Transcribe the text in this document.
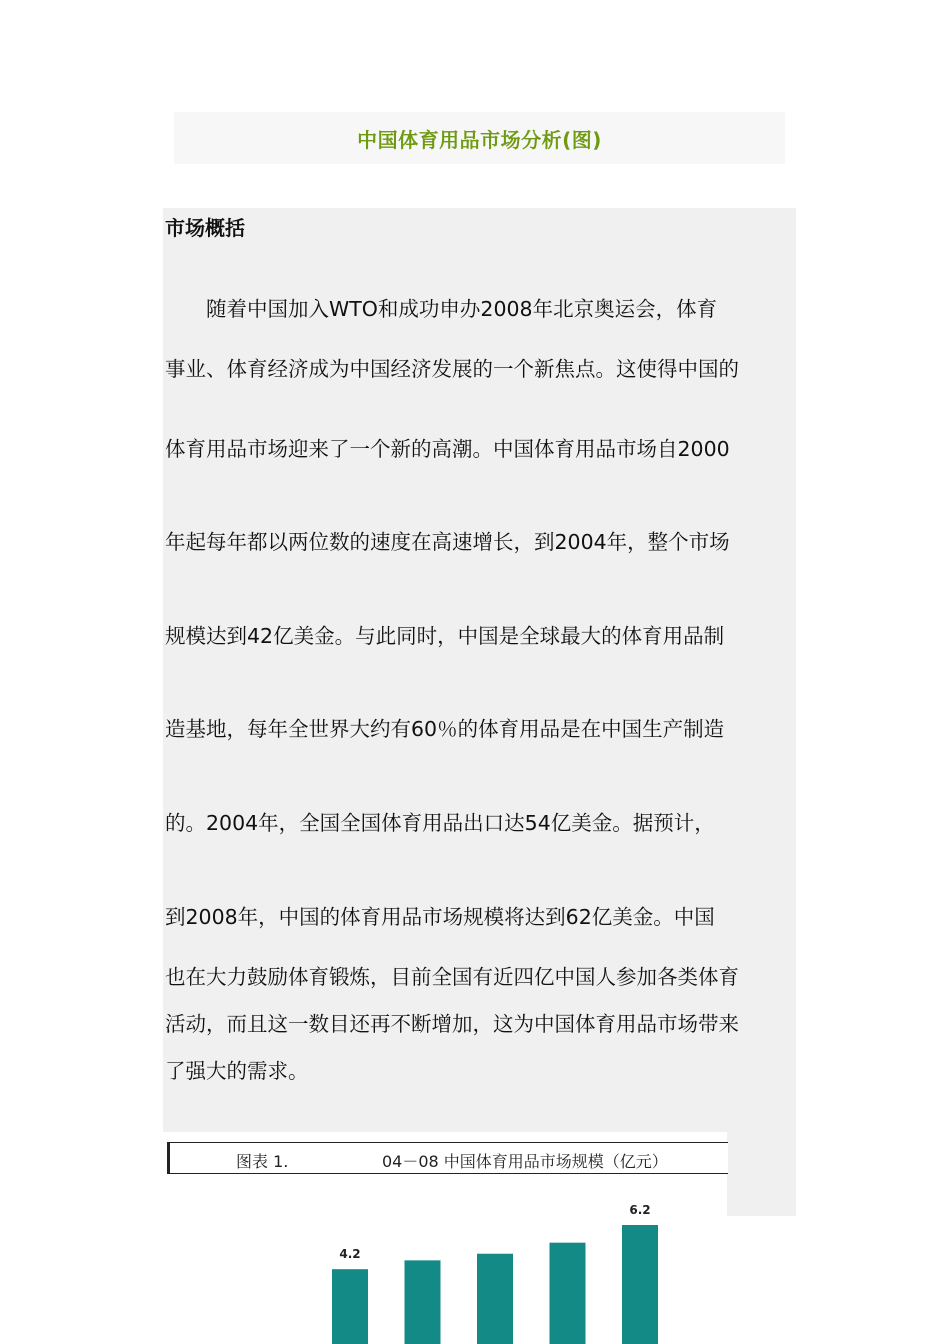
中国体育用品市场分析(图)
市场概括

　　随着中国加入WTO和成功申办2008年北京奥运会，体育

事业、体育经济成为中国经济发展的一个新焦点。这使得中国的

体育用品市场迎来了一个新的高潮。中国体育用品市场自2000

年起每年都以两位数的速度在高速增长，到2004年，整个市场

规模达到42亿美金。与此同时，中国是全球最大的体育用品制

造基地，每年全世界大约有60％的体育用品是在中国生产制造

的。2004年，全国全国体育用品出口达54亿美金。据预计，

到2008年，中国的体育用品市场规模将达到62亿美金。中国

也在大力鼓励体育锻炼，目前全国有近四亿中国人参加各类体育

活动，而且这一数目还再不断增加，这为中国体育用品市场带来

了强大的需求。

图表 1.	04－08 中国体育用品市场规模（亿元）
4.2
6.2
